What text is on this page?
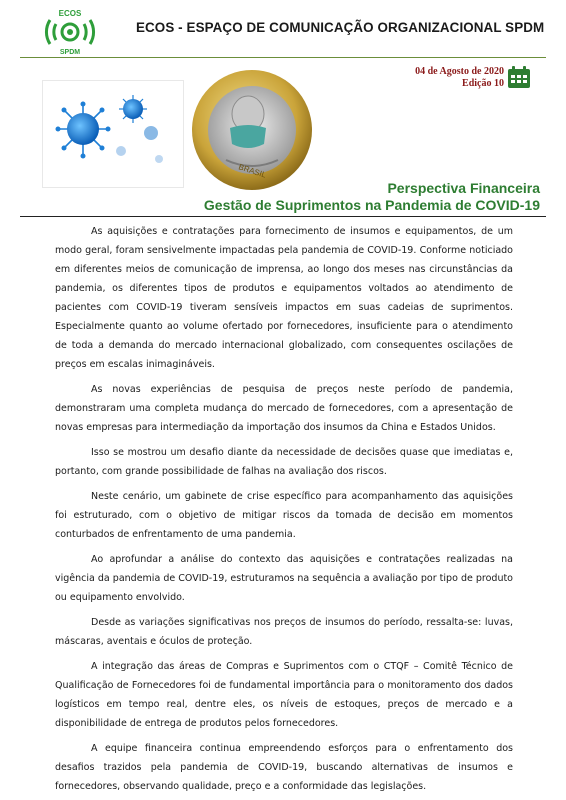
ECOS
SPDM
ECOS - ESPAÇO DE COMUNICAÇÃO ORGANIZACIONAL SPDM
BRASIL
04 de Agosto de 2020
Edição 10
Perspectiva Financeira
Gestão de Suprimentos na Pandemia de COVID-19

As aquisições e contratações para fornecimento de insumos e equipamentos, de um modo geral, foram sensivelmente impactadas pela pandemia de COVID-19. Conforme noticiado em diferentes meios de comunicação de imprensa, ao longo dos meses nas circunstâncias da pandemia, os diferentes tipos de produtos e equipamentos voltados ao atendimento de pacientes com COVID-19 tiveram sensíveis impactos em suas cadeias de suprimentos. Especialmente quanto ao volume ofertado por fornecedores, insuficiente para o atendimento de toda a demanda do mercado internacional globalizado, com consequentes oscilações de preços em escalas inimagináveis.

As novas experiências de pesquisa de preços neste período de pandemia, demonstraram uma completa mudança do mercado de fornecedores, com a apresentação de novas empresas para intermediação da importação dos insumos da China e Estados Unidos.

Isso se mostrou um desafio diante da necessidade de decisões quase que imediatas e, portanto, com grande possibilidade de falhas na avaliação dos riscos.

Neste cenário, um gabinete de crise específico para acompanhamento das aquisições foi estruturado, com o objetivo de mitigar riscos da tomada de decisão em momentos conturbados de enfrentamento de uma pandemia.

Ao aprofundar a análise do contexto das aquisições e contratações realizadas na vigência da pandemia de COVID-19, estruturamos na sequência a avaliação por tipo de produto ou equipamento envolvido.

Desde as variações significativas nos preços de insumos do período, ressalta-se: luvas, máscaras, aventais e óculos de proteção.

A integração das áreas de Compras e Suprimentos com o CTQF – Comitê Técnico de Qualificação de Fornecedores foi de fundamental importância para o monitoramento dos dados logísticos em tempo real, dentre eles, os níveis de estoques, preços de mercado e a disponibilidade de entrega de produtos pelos fornecedores.

A equipe financeira continua empreendendo esforços para o enfrentamento dos desafios trazidos pela pandemia de COVID-19, buscando alternativas de insumos e fornecedores, observando qualidade, preço e a conformidade das legislações.
